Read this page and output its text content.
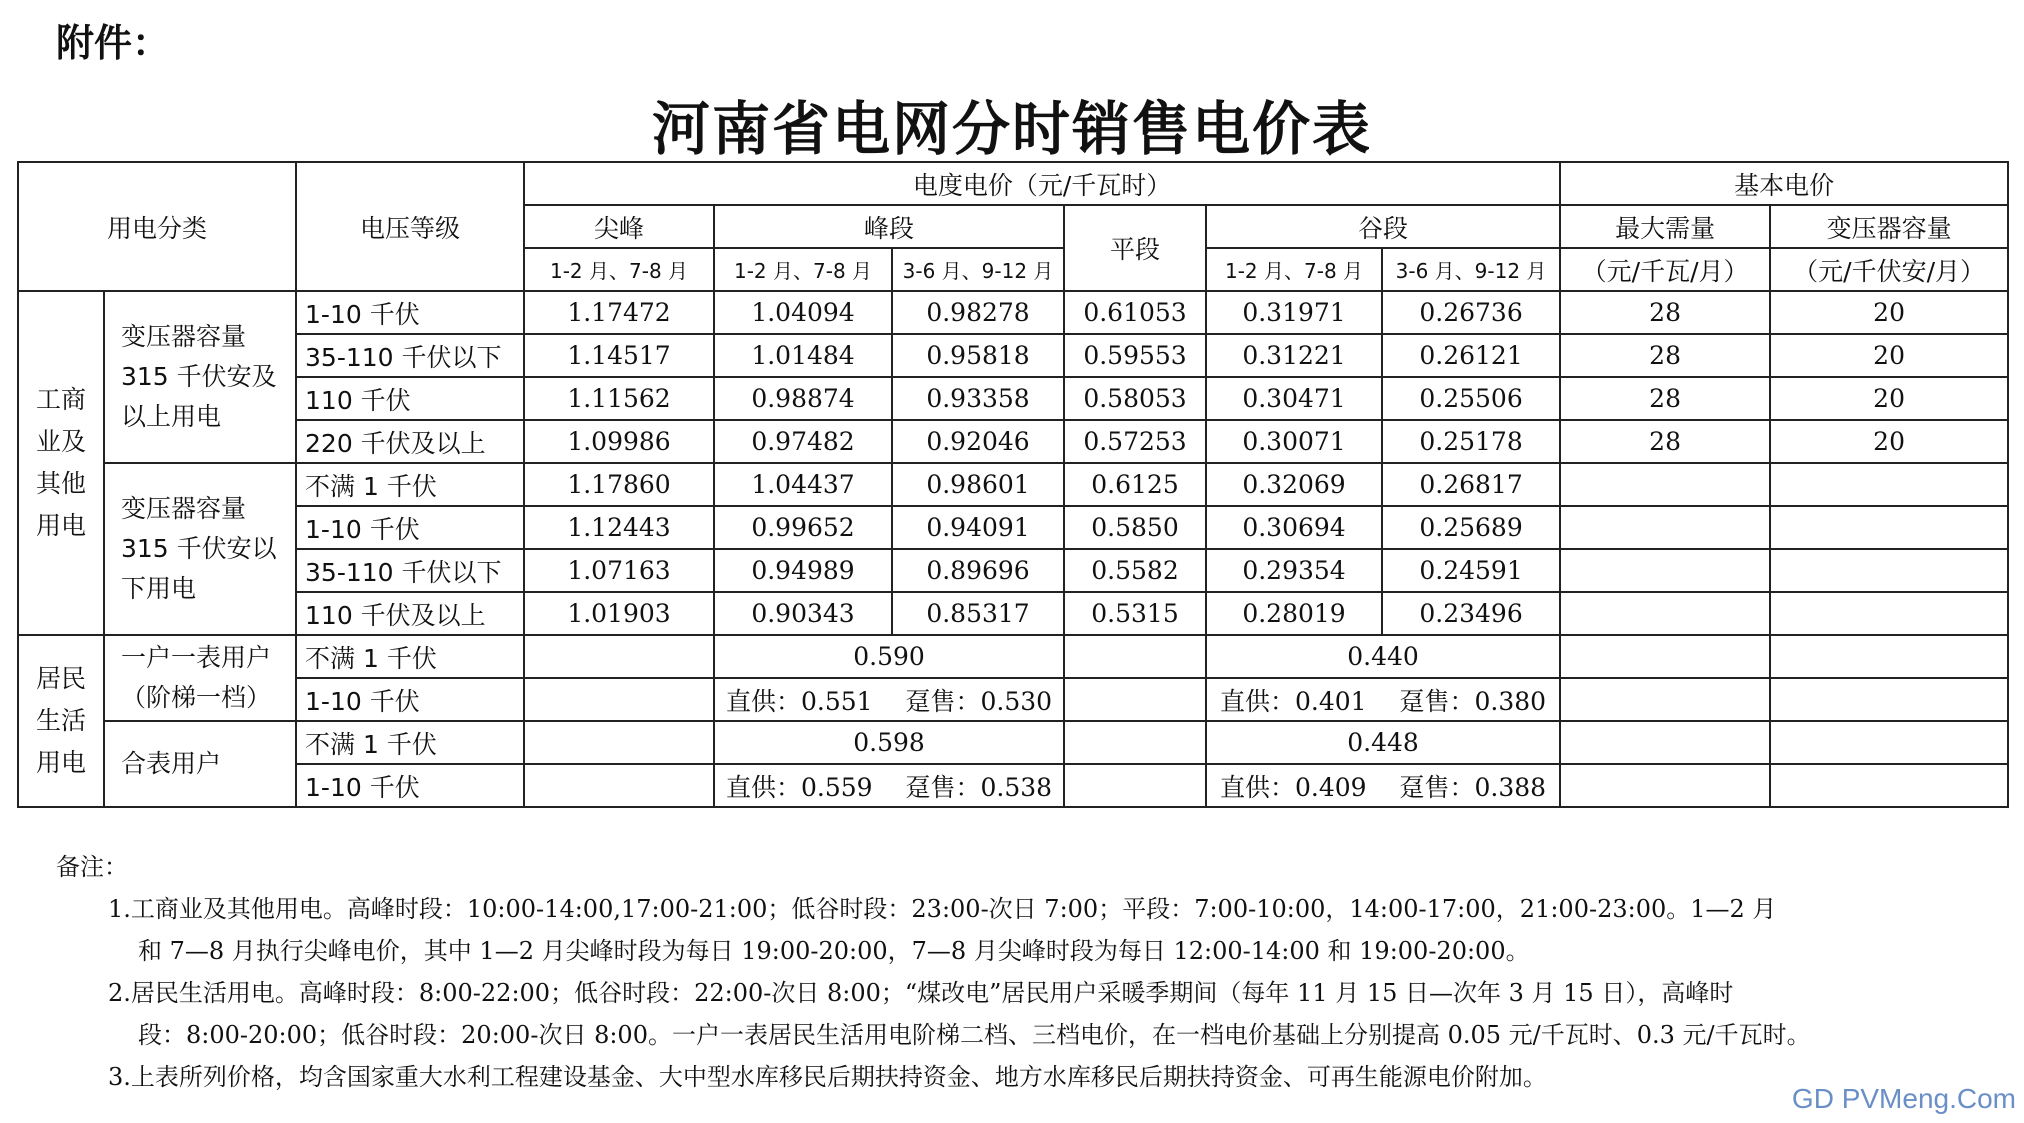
附件：
河南省电网分时销售电价表
用电分类		电压等级	电度电价（元/千瓦时）						基本电价	
			尖峰	峰段		平段	谷段		最大需量	变压器容量
			1-2 月、7-8 月	1-2 月、7-8 月	3-6 月、9-12 月		1-2 月、7-8 月	3-6 月、9-12 月	（元/千瓦/月）	（元/千伏安/月）
工商业及其他用电	变压器容量 315 千伏安及以上用电	1-10 千伏	1.17472	1.04094	0.98278	0.61053	0.31971	0.26736	28	20
		35-110 千伏以下	1.14517	1.01484	0.95818	0.59553	0.31221	0.26121	28	20
		110 千伏	1.11562	0.98874	0.93358	0.58053	0.30471	0.25506	28	20
		220 千伏及以上	1.09986	0.97482	0.92046	0.57253	0.30071	0.25178	28	20
	变压器容量 315 千伏安以下用电	不满 1 千伏	1.17860	1.04437	0.98601	0.6125	0.32069	0.26817		
		1-10 千伏	1.12443	0.99652	0.94091	0.5850	0.30694	0.25689		
		35-110 千伏以下	1.07163	0.94989	0.89696	0.5582	0.29354	0.24591		
		110 千伏及以上	1.01903	0.90343	0.85317	0.5315	0.28019	0.23496		
居民生活用电	一户一表用户（阶梯一档）	不满 1 千伏		0.590			0.440			
		1-10 千伏		直供：0.551　 趸售：0.530			直供：0.401　 趸售：0.380			
	合表用户	不满 1 千伏		0.598			0.448			
		1-10 千伏		直供：0.559　 趸售：0.538			直供：0.409　 趸售：0.388			
备注：
1.工商业及其他用电。高峰时段：10:00-14:00,17:00-21:00；低谷时段：23:00-次日 7:00；平段：7:00-10:00，14:00-17:00，21:00-23:00。1—2 月
和 7—8 月执行尖峰电价，其中 1—2 月尖峰时段为每日 19:00-20:00，7—8 月尖峰时段为每日 12:00-14:00 和 19:00-20:00。
2.居民生活用电。高峰时段：8:00-22:00；低谷时段：22:00-次日 8:00；“煤改电”居民用户采暖季期间（每年 11 月 15 日—次年 3 月 15 日），高峰时
段：8:00-20:00；低谷时段：20:00-次日 8:00。一户一表居民生活用电阶梯二档、三档电价，在一档电价基础上分别提高 0.05 元/千瓦时、0.3 元/千瓦时。
3.上表所列价格，均含国家重大水利工程建设基金、大中型水库移民后期扶持资金、地方水库移民后期扶持资金、可再生能源电价附加。
GD PVMeng.Com
